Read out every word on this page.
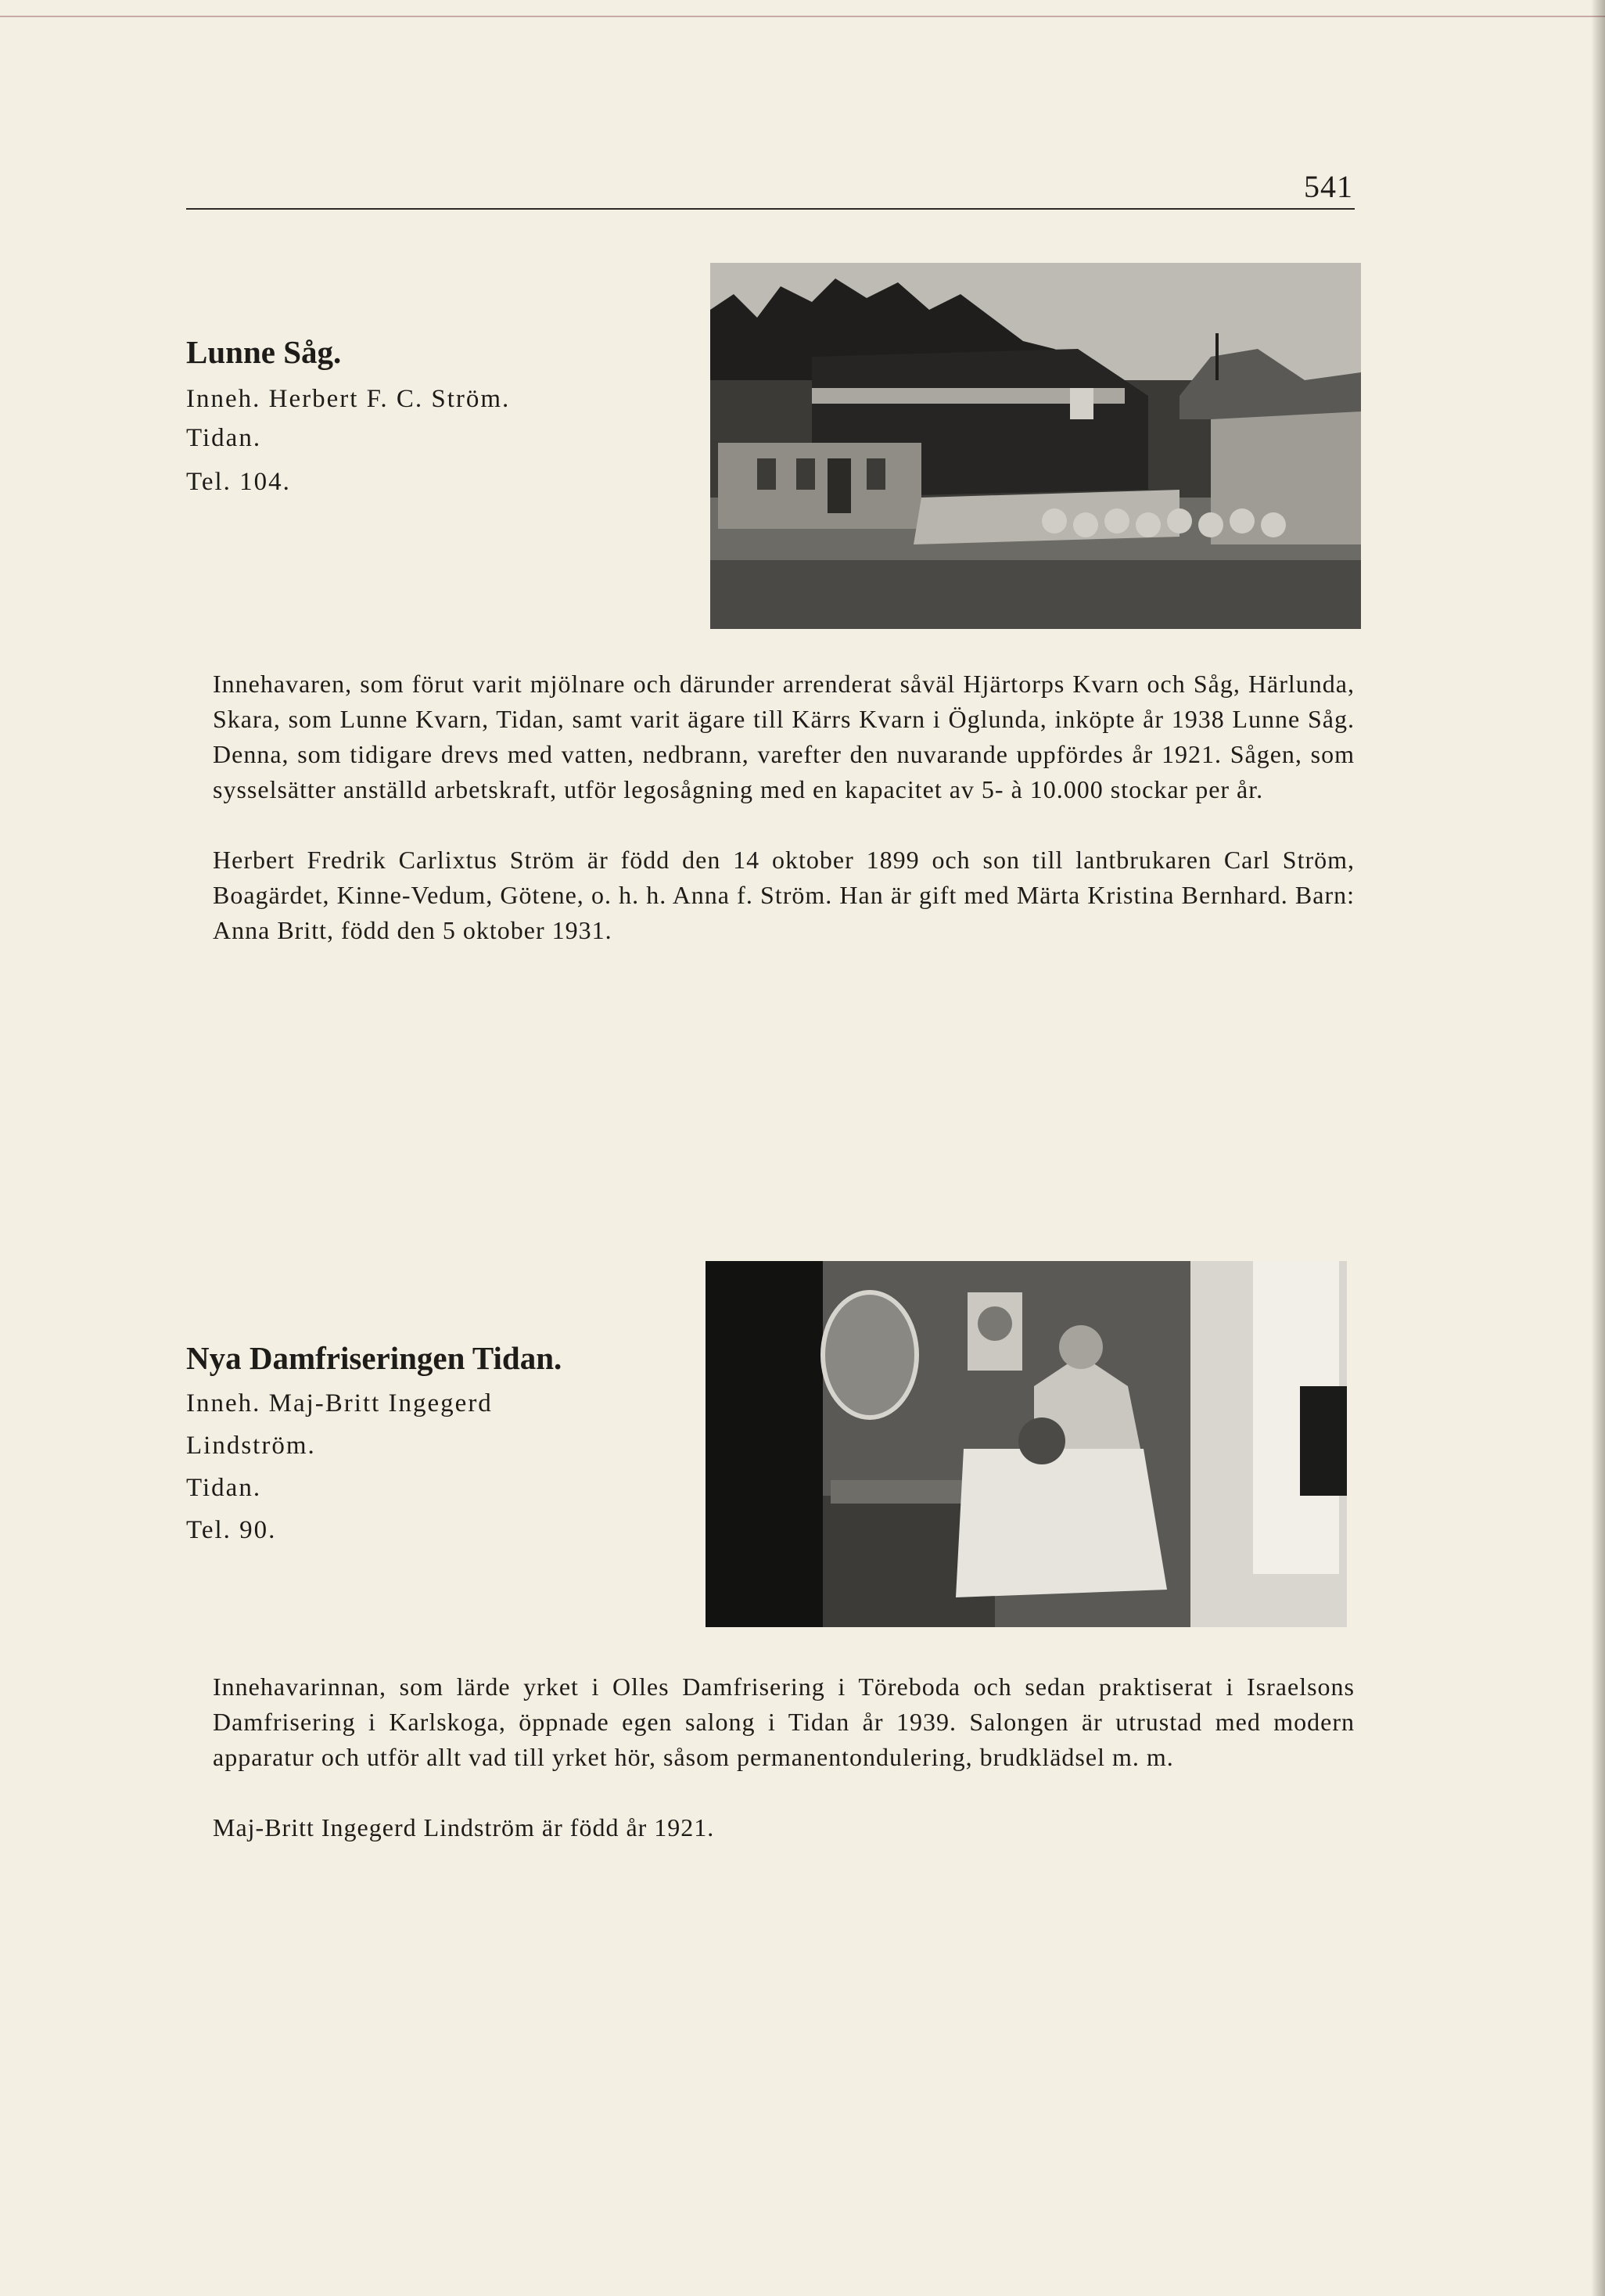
541
Lunne Såg.
Inneh. Herbert F. C. Ström.
Tidan.
Tel. 104.

Innehavaren, som förut varit mjölnare och därunder arrenderat såväl Hjärtorps Kvarn och Såg, Härlunda, Skara, som Lunne Kvarn, Tidan, samt varit ägare till Kärrs Kvarn i Öglunda, inköpte år 1938 Lunne Såg. Denna, som tidigare drevs med vatten, nedbrann, varefter den nuvarande uppfördes år 1921. Sågen, som sysselsätter anställd arbetskraft, utför legosågning med en kapacitet av 5- à 10.000 stockar per år.

Herbert Fredrik Carlixtus Ström är född den 14 oktober 1899 och son till lantbrukaren Carl Ström, Boagärdet, Kinne-Vedum, Götene, o. h. h. Anna f. Ström. Han är gift med Märta Kristina Bernhard. Barn: Anna Britt, född den 5 oktober 1931.

Nya Damfriseringen Tidan.
Inneh. Maj-Britt Ingegerd
Lindström.
Tidan.
Tel. 90.

Innehavarinnan, som lärde yrket i Olles Damfrisering i Töreboda och sedan praktiserat i Israelsons Damfrisering i Karlskoga, öppnade egen salong i Tidan år 1939. Salongen är utrustad med modern apparatur och utför allt vad till yrket hör, såsom permanentondulering, brudklädsel m. m.

Maj-Britt Ingegerd Lindström är född år 1921.
